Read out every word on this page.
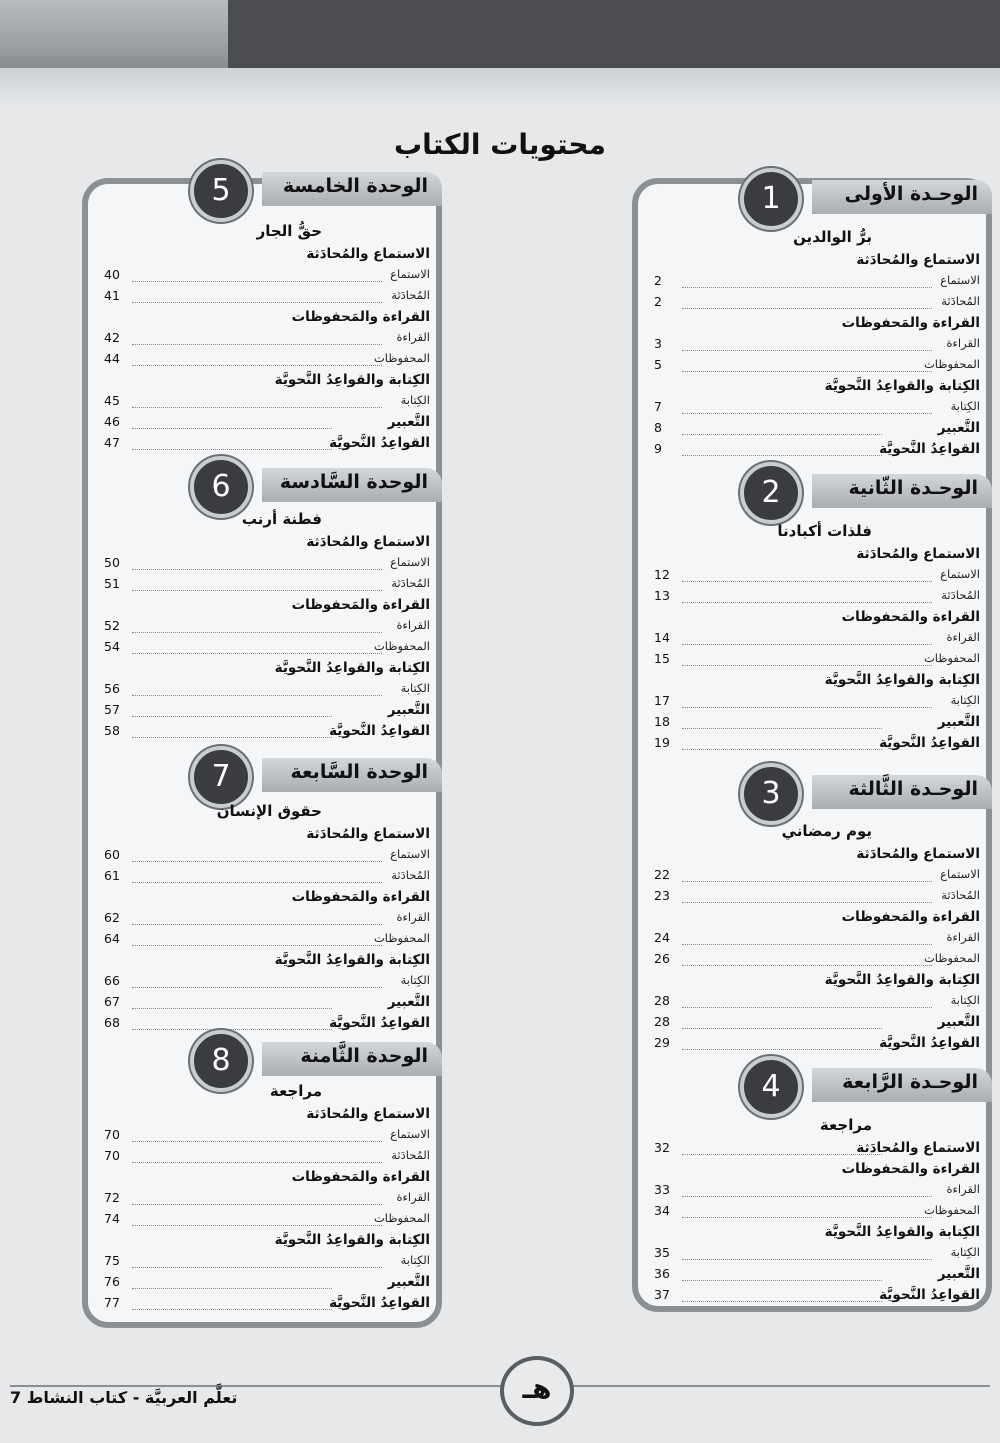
محتويات الكتاب
الوحـدة الأولى
1
برُّ الوالدين
الاستماع والمُحادَثة
الاستماع
2
المُحادَثة
2
القراءة والمَحفوظات
القراءة
3
المحفوظات
5
الكِتابة والقواعِدُ النَّحويَّة
الكِتابة
7
التَّعبير
8
القواعِدُ النَّحويَّة
9
الوحـدة الثّانية
2
فلذات أكبادنا
الاستماع والمُحادَثة
الاستماع
12
المُحادَثة
13
القراءة والمَحفوظات
القراءة
14
المحفوظات
15
الكِتابة والقواعِدُ النَّحويَّة
الكِتابة
17
التَّعبير
18
القواعِدُ النَّحويَّة
19
الوحـدة الثَّالثة
3
يوم رمضاني
الاستماع والمُحادَثة
الاستماع
22
المُحادَثة
23
القراءة والمَحفوظات
القراءة
24
المحفوظات
26
الكِتابة والقواعِدُ النَّحويَّة
الكِتابة
28
التَّعبير
28
القواعِدُ النَّحويَّة
29
الوحـدة الرَّابعة
4
مراجعة
الاستماع والمُحادَثة
32
القراءة والمَحفوظات
القراءة
33
المحفوظات
34
الكِتابة والقواعِدُ النَّحويَّة
الكِتابة
35
التَّعبير
36
القواعِدُ النَّحويَّة
37
الوحدة الخامسة
5
حقُّ الجار
الاستماع والمُحادَثة
الاستماع
40
المُحادَثة
41
القراءة والمَحفوظات
القراءة
42
المحفوظات
44
الكِتابة والقواعِدُ النَّحويَّة
الكِتابة
45
التَّعبير
46
القواعِدُ النَّحويَّة
47
الوحدة السَّادسة
6
فطنة أرنب
الاستماع والمُحادَثة
الاستماع
50
المُحادَثة
51
القراءة والمَحفوظات
القراءة
52
المحفوظات
54
الكِتابة والقواعِدُ النَّحويَّة
الكِتابة
56
التَّعبير
57
القواعِدُ النَّحويَّة
58
الوحدة السَّابعة
7
حقوق الإنسان
الاستماع والمُحادَثة
الاستماع
60
المُحادَثة
61
القراءة والمَحفوظات
القراءة
62
المحفوظات
64
الكِتابة والقواعِدُ النَّحويَّة
الكِتابة
66
التَّعبير
67
القواعِدُ النَّحويَّة
68
الوحدة الثَّامنة
8
مراجعة
الاستماع والمُحادَثة
الاستماع
70
المُحادَثة
70
القراءة والمَحفوظات
القراءة
72
المحفوظات
74
الكِتابة والقواعِدُ النَّحويَّة
الكِتابة
75
التَّعبير
76
القواعِدُ النَّحويَّة
77
تعلَّم العربيَّة - كتاب النشاط 7	هـ
